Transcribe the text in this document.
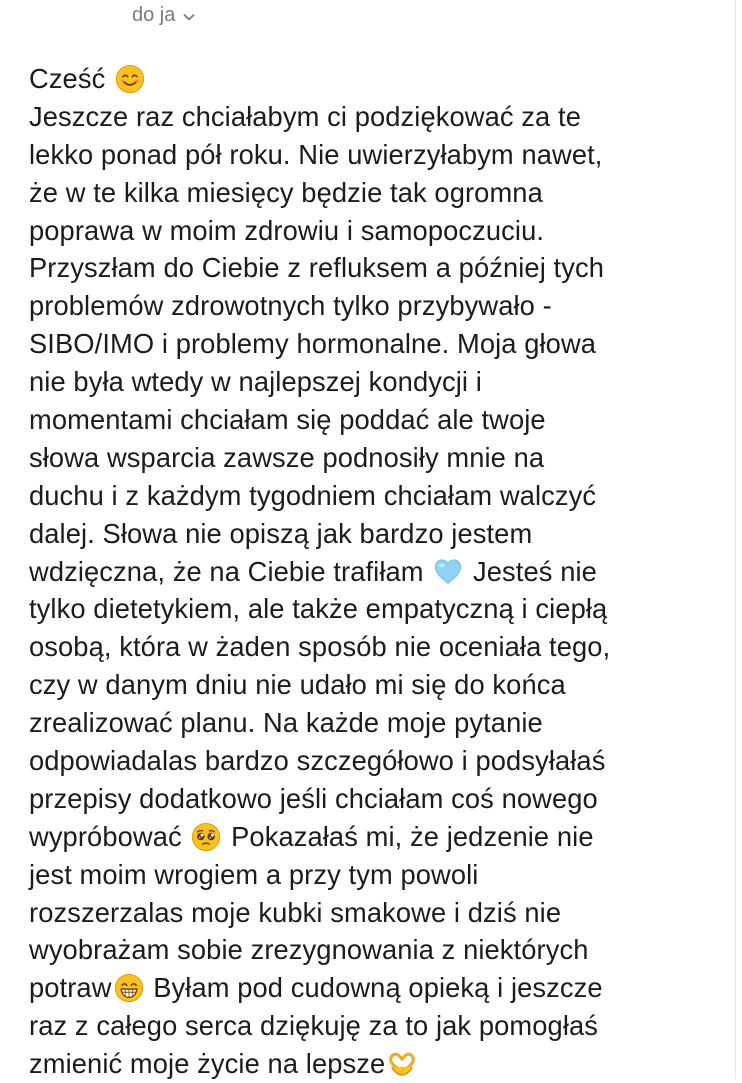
do ja
Cześć
Jeszcze raz chciałabym ci podziękować za te
lekko ponad pół roku. Nie uwierzyłabym nawet,
że w te kilka miesięcy będzie tak ogromna
poprawa w moim zdrowiu i samopoczuciu.
Przyszłam do Ciebie z refluksem a później tych
problemów zdrowotnych tylko przybywało -
SIBO/IMO i problemy hormonalne. Moja głowa
nie była wtedy w najlepszej kondycji i
momentami chciałam się poddać ale twoje
słowa wsparcia zawsze podnosiły mnie na
duchu i z każdym tygodniem chciałam walczyć
dalej. Słowa nie opiszą jak bardzo jestem
wdzięczna, że na Ciebie trafiłam Jesteś nie
tylko dietetykiem, ale także empatyczną i ciepłą
osobą, która w żaden sposób nie oceniała tego,
czy w danym dniu nie udało mi się do końca
zrealizować planu. Na każde moje pytanie
odpowiadalas bardzo szczegółowo i podsyłałaś
przepisy dodatkowo jeśli chciałam coś nowego
wypróbować Pokazałaś mi, że jedzenie nie
jest moim wrogiem a przy tym powoli
rozszerzalas moje kubki smakowe i dziś nie
wyobrażam sobie zrezygnowania z niektórych
potraw Byłam pod cudowną opieką i jeszcze
raz z całego serca dziękuję za to jak pomogłaś
zmienić moje życie na lepsze
